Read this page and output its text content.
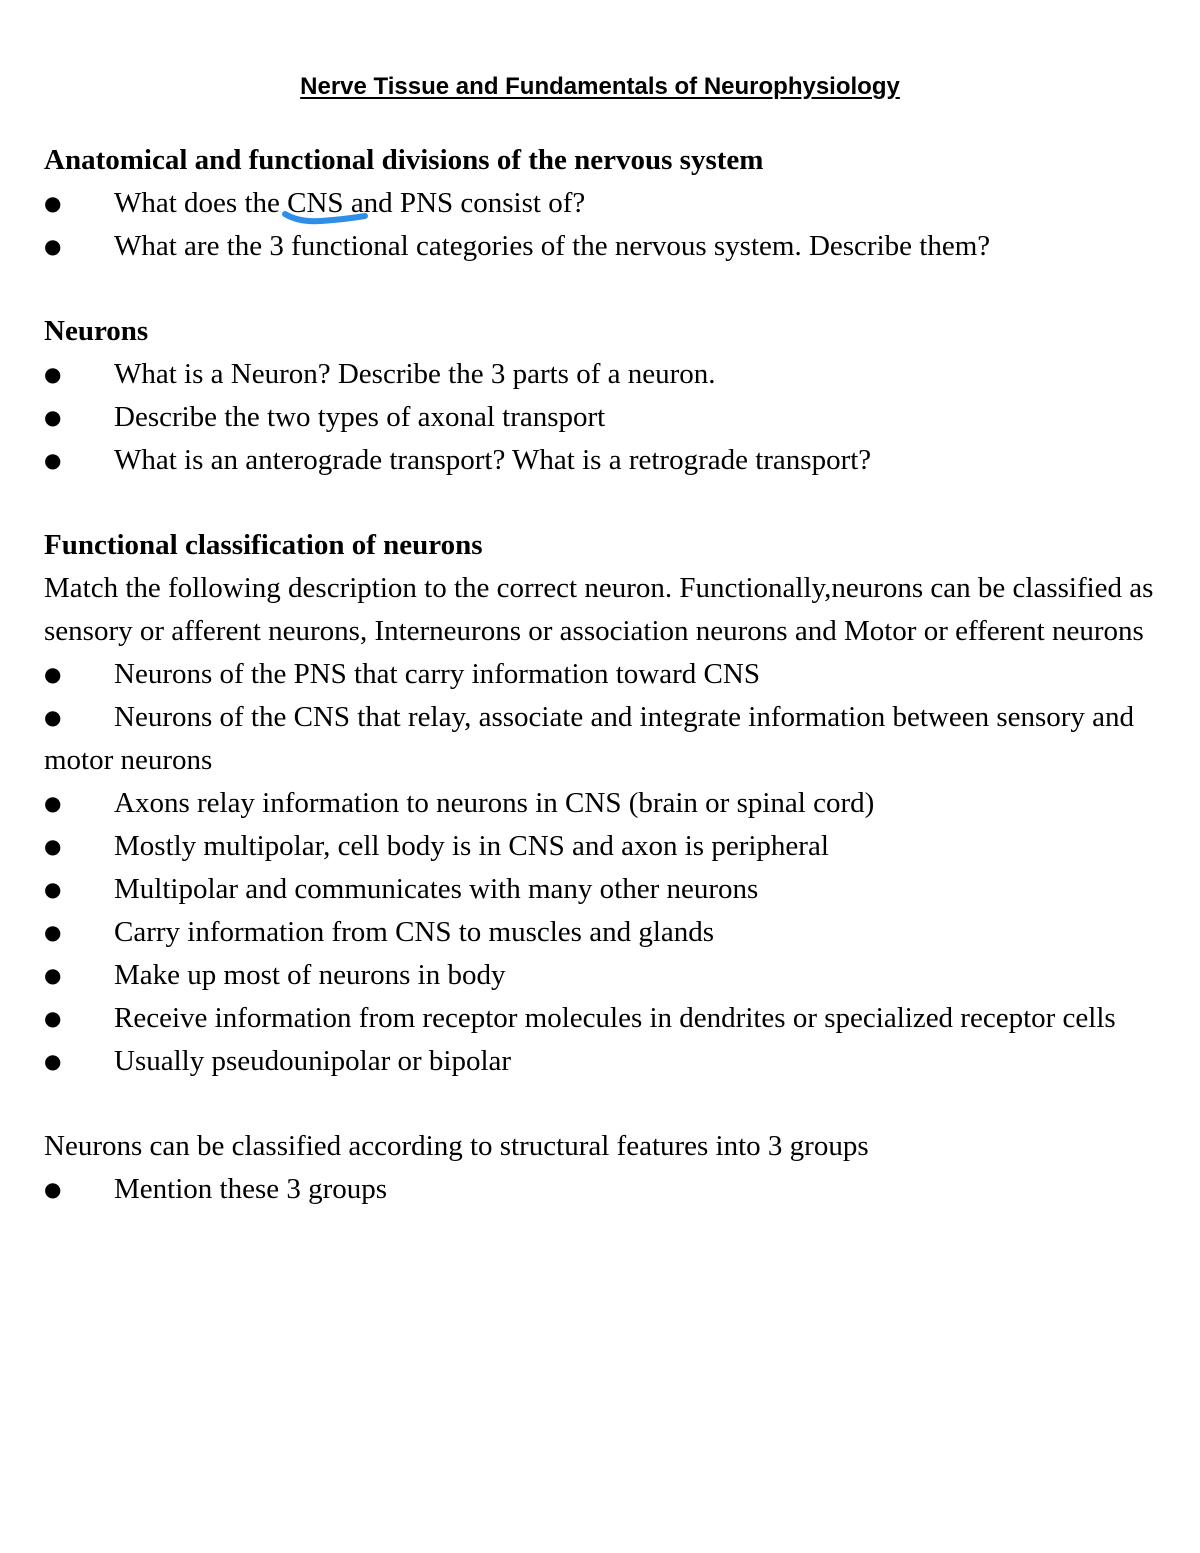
Nerve Tissue and Fundamentals of Neurophysiology

Anatomical and functional divisions of the nervous system

● What does the CNS
and PNS consist of?

● What are the 3 functional categories of the nervous system. Describe them?

Neurons

● What is a Neuron? Describe the 3 parts of a neuron.

● Describe the two types of axonal transport

● What is an anterograde transport? What is a retrograde transport?

Functional classification of neurons

Match the following description to the correct neuron. Functionally,neurons can be classified as sensory or afferent neurons, Interneurons or association neurons and Motor or efferent neurons

● Neurons of the PNS that carry information toward CNS

● Neurons of the CNS that relay, associate and integrate information between sensory and motor neurons

● Axons relay information to neurons in CNS (brain or spinal cord)

● Mostly multipolar, cell body is in CNS and axon is peripheral

● Multipolar and communicates with many other neurons

● Carry information from CNS to muscles and glands

● Make up most of neurons in body

● Receive information from receptor molecules in dendrites or specialized receptor cells

● Usually pseudounipolar or bipolar

Neurons can be classified according to structural features into 3 groups

● Mention these 3 groups
